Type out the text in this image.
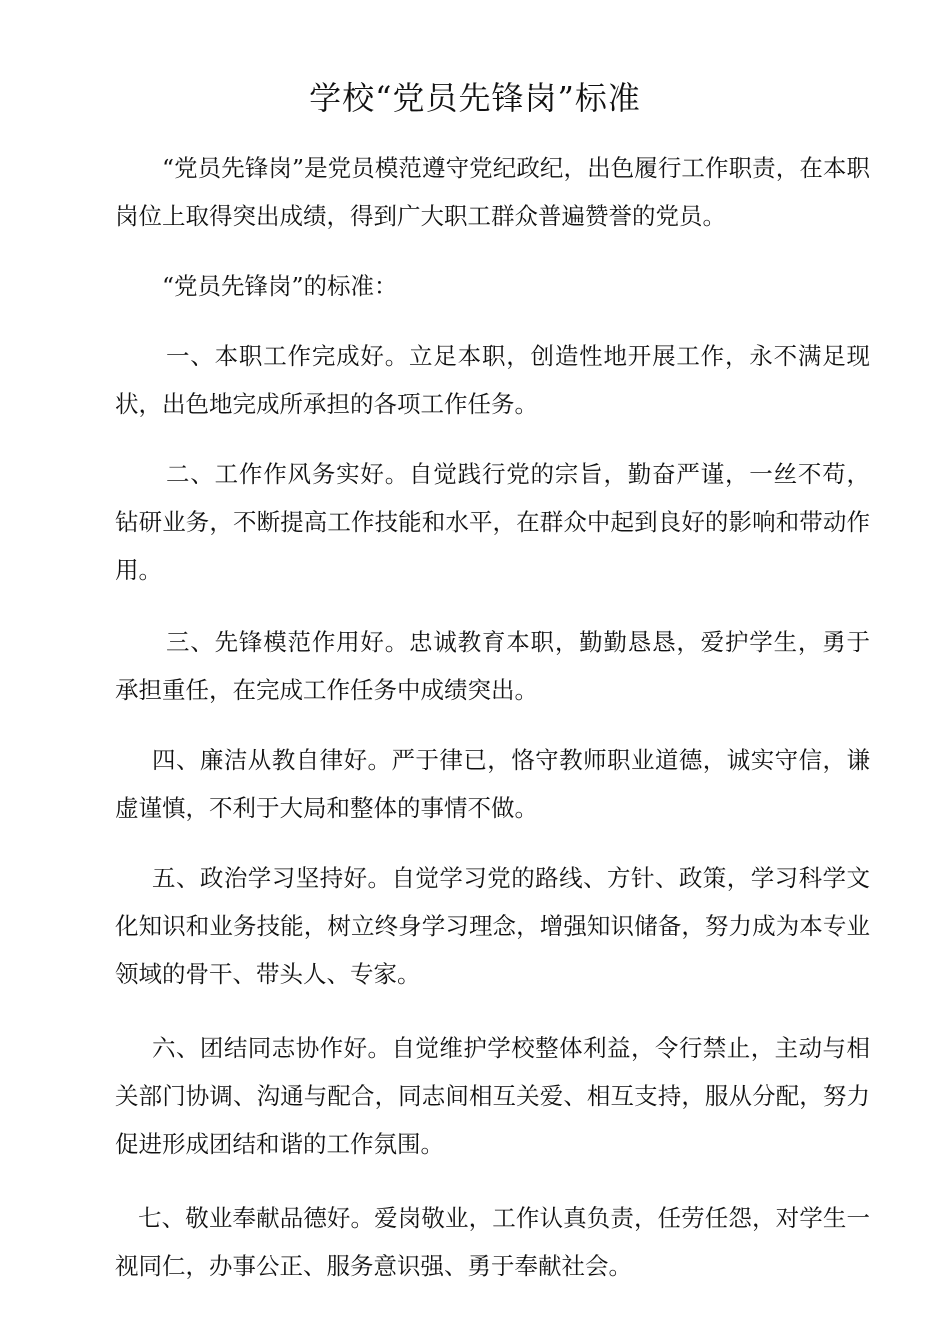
学校“党员先锋岗”标准

“党员先锋岗”是党员模范遵守党纪政纪，出色履行工作职责，在本职岗位上取得突出成绩，得到广大职工群众普遍赞誉的党员。

“党员先锋岗”的标准：

一、本职工作完成好。立足本职，创造性地开展工作，永不满足现状，出色地完成所承担的各项工作任务。

二、工作作风务实好。自觉践行党的宗旨，勤奋严谨，一丝不苟，钻研业务，不断提高工作技能和水平，在群众中起到良好的影响和带动作用。

三、先锋模范作用好。忠诚教育本职，勤勤恳恳，爱护学生，勇于承担重任，在完成工作任务中成绩突出。

四、廉洁从教自律好。严于律已，恪守教师职业道德，诚实守信，谦虚谨慎，不利于大局和整体的事情不做。

五、政治学习坚持好。自觉学习党的路线、方针、政策，学习科学文化知识和业务技能，树立终身学习理念，增强知识储备，努力成为本专业领域的骨干、带头人、专家。

六、团结同志协作好。自觉维护学校整体利益，令行禁止，主动与相关部门协调、沟通与配合，同志间相互关爱、相互支持，服从分配，努力促进形成团结和谐的工作氛围。

七、敬业奉献品德好。爱岗敬业，工作认真负责，任劳任怨，对学生一视同仁，办事公正、服务意识强、勇于奉献社会。
